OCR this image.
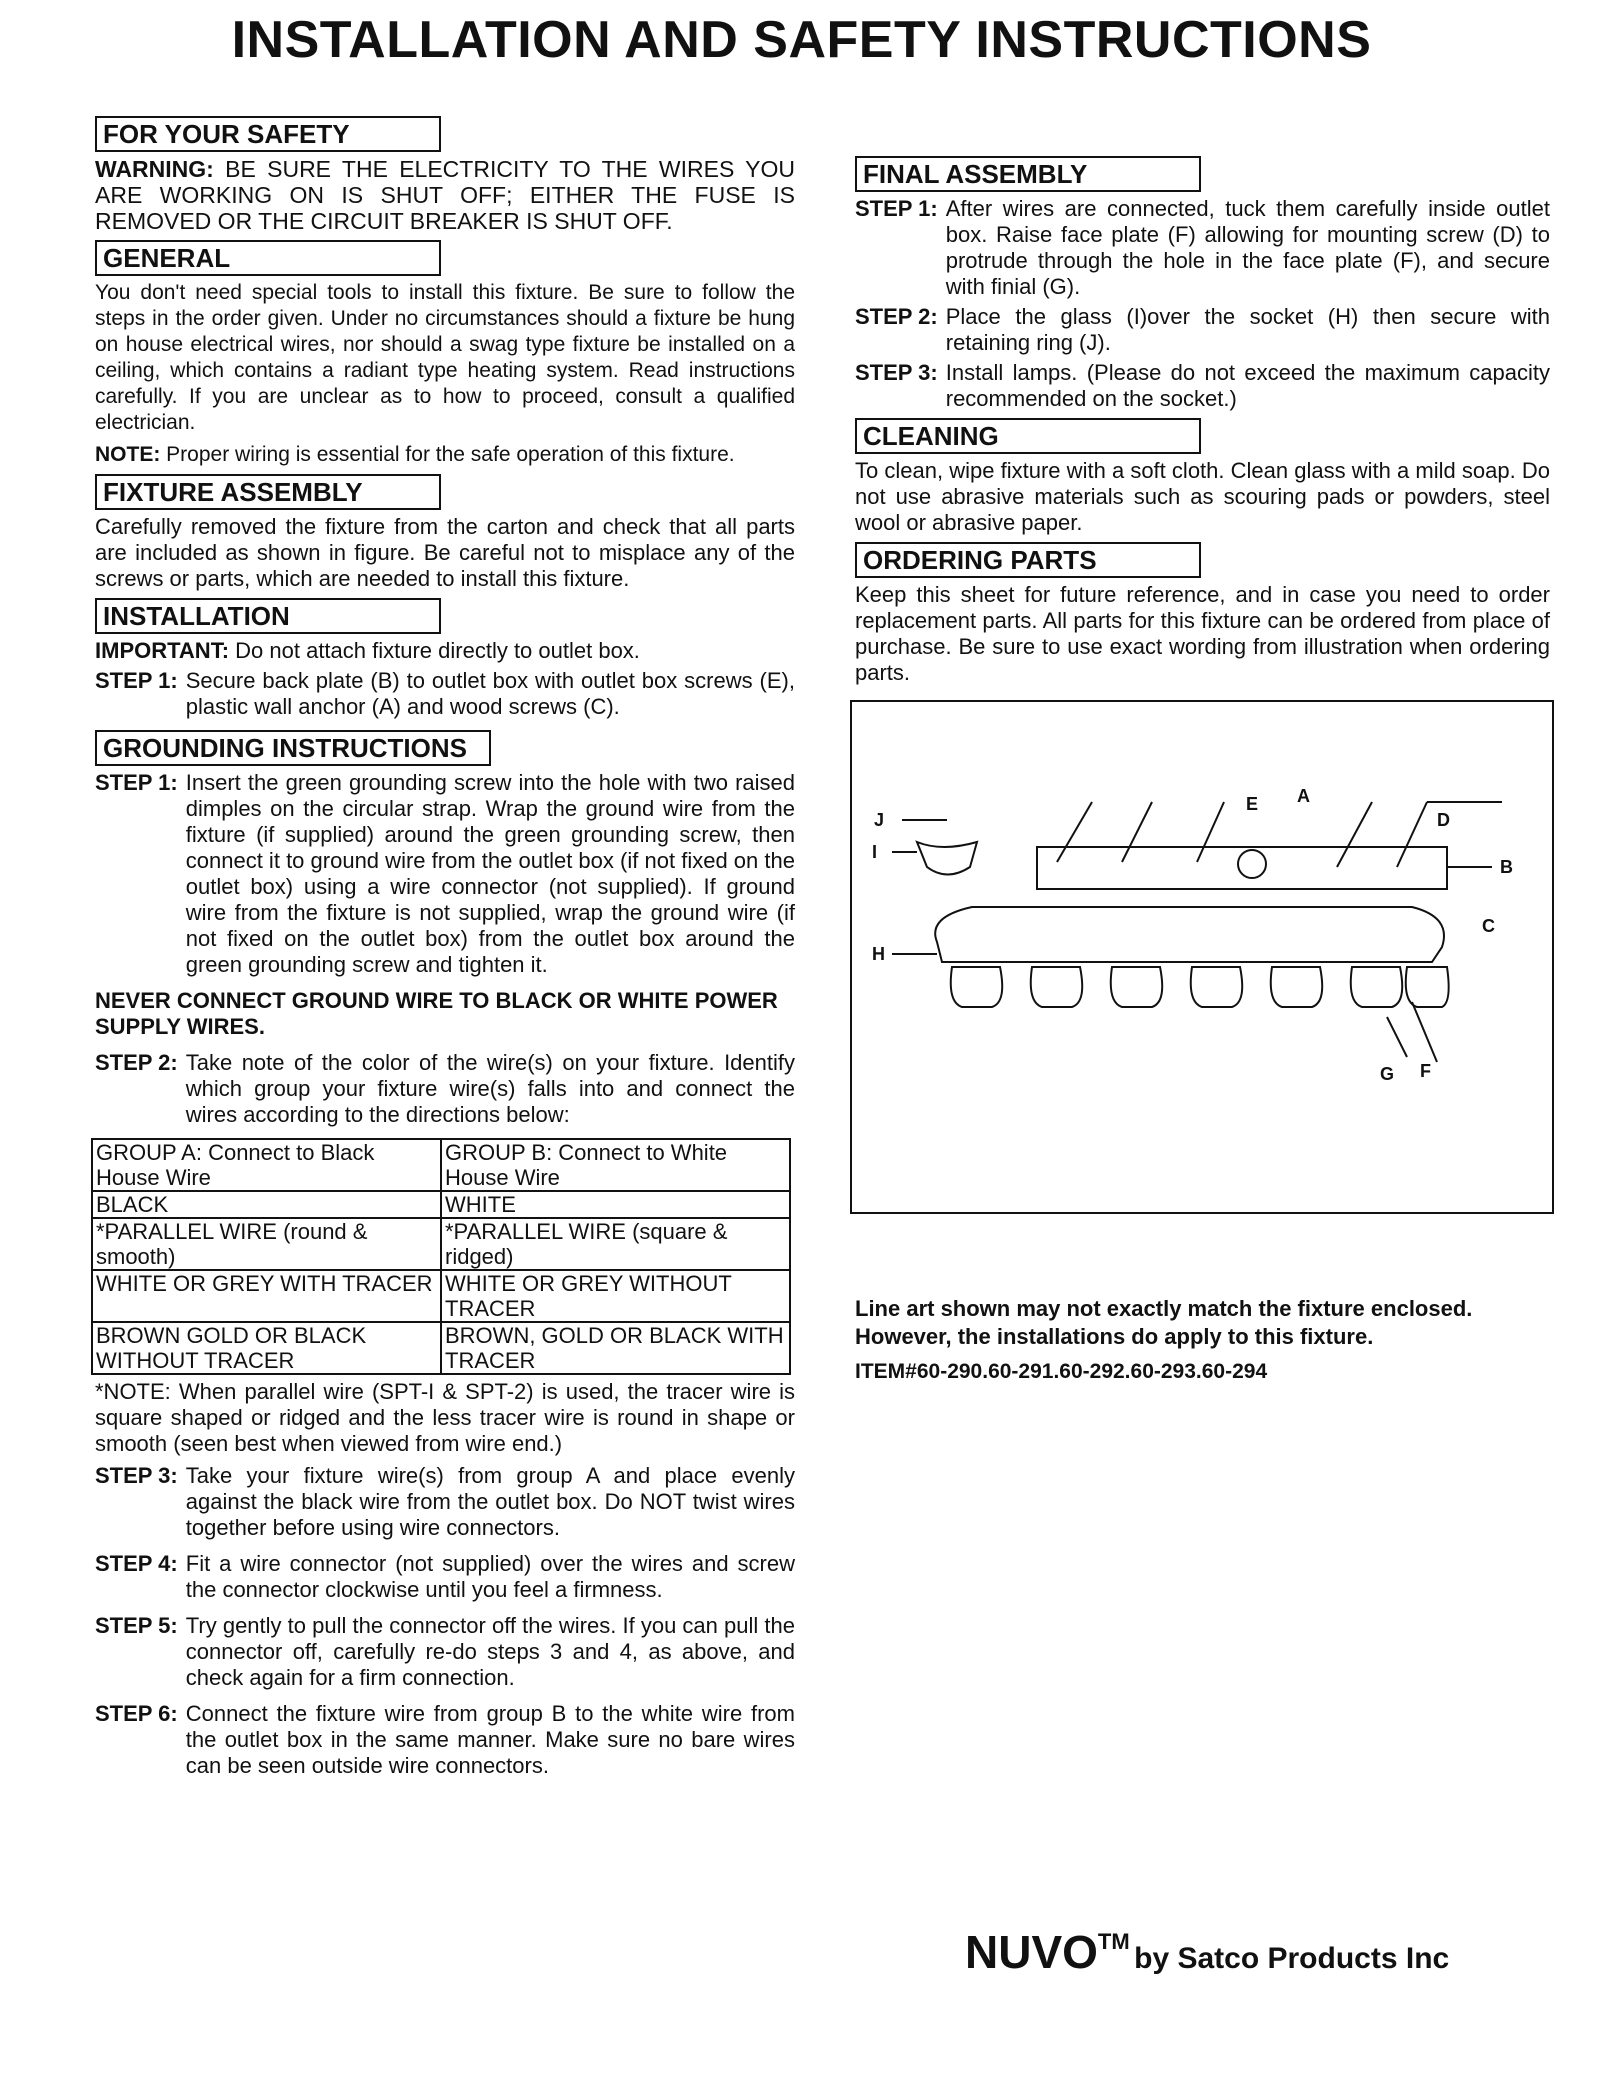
INSTALLATION AND SAFETY INSTRUCTIONS
FOR YOUR SAFETY
WARNING: BE SURE THE ELECTRICITY TO THE WIRES YOU ARE WORKING ON IS SHUT OFF; EITHER THE FUSE IS REMOVED OR THE CIRCUIT BREAKER IS SHUT OFF.
GENERAL
You don't need special tools to install this fixture. Be sure to follow the steps in the order given. Under no circumstances should a fixture be hung on house electrical wires, nor should a swag type fixture be installed on a ceiling, which contains a radiant type heating system. Read instructions carefully. If you are unclear as to how to proceed, consult a qualified electrician.
NOTE: Proper wiring is essential for the safe operation of this fixture.
FIXTURE ASSEMBLY
Carefully removed the fixture from the carton and check that all parts are included as shown in figure. Be careful not to misplace any of the screws or parts, which are needed to install this fixture.
INSTALLATION
IMPORTANT: Do not attach fixture directly to outlet box.
STEP 1: Secure back plate (B) to outlet box with outlet box screws (E), plastic wall anchor (A) and wood screws (C).
GROUNDING INSTRUCTIONS
STEP 1: Insert the green grounding screw into the hole with two raised dimples on the circular strap. Wrap the ground wire from the fixture (if supplied) around the green grounding screw, then connect it to ground wire from the outlet box (if not fixed on the outlet box) using a wire connector (not supplied). If ground wire from the fixture is not supplied, wrap the ground wire (if not fixed on the outlet box) from the outlet box around the green grounding screw and tighten it.
NEVER CONNECT GROUND WIRE TO BLACK OR WHITE POWER SUPPLY WIRES.
STEP 2: Take note of the color of the wire(s) on your fixture. Identify which group your fixture wire(s) falls into and connect the wires according to the directions below:
GROUP A: Connect to Black House Wire	GROUP B: Connect to White House Wire
BLACK	WHITE
*PARALLEL WIRE (round & smooth)	*PARALLEL WIRE (square & ridged)
WHITE OR GREY WITH TRACER	WHITE OR GREY WITHOUT TRACER
BROWN GOLD OR BLACK WITHOUT TRACER	BROWN, GOLD OR BLACK WITH TRACER
*NOTE: When parallel wire (SPT-I & SPT-2) is used, the tracer wire is square shaped or ridged and the less tracer wire is round in shape or smooth (seen best when viewed from wire end.)
STEP 3: Take your fixture wire(s) from group A and place evenly against the black wire from the outlet box. Do NOT twist wires together before using wire connectors.
STEP 4: Fit a wire connector (not supplied) over the wires and screw the connector clockwise until you feel a firmness.
STEP 5: Try gently to pull the connector off the wires. If you can pull the connector off, carefully re-do steps 3 and 4, as above, and check again for a firm connection.
STEP 6: Connect the fixture wire from group B to the white wire from the outlet box in the same manner. Make sure no bare wires can be seen outside wire connectors.
FINAL ASSEMBLY
STEP 1: After wires are connected, tuck them carefully inside outlet box. Raise face plate (F) allowing for mounting screw (D) to protrude through the hole in the face plate (F), and secure with finial (G).
STEP 2: Place the glass (I)over the socket (H) then secure with retaining ring (J).
STEP 3: Install lamps. (Please do not exceed the maximum capacity recommended on the socket.)
CLEANING
To clean, wipe fixture with a soft cloth. Clean glass with a mild soap. Do not use abrasive materials such as scouring pads or powders, steel wool or abrasive paper.
ORDERING PARTS
Keep this sheet for future reference, and in case you need to order replacement parts. All parts for this fixture can be ordered from place of purchase. Be sure to use exact wording from illustration when ordering parts.
A
B
C
D
E
F
G
H
I
J
Line art shown may not exactly match the fixture enclosed. However, the installations do apply to this fixture.
ITEM#60-290.60-291.60-292.60-293.60-294
NUVOTM by Satco Products Inc
